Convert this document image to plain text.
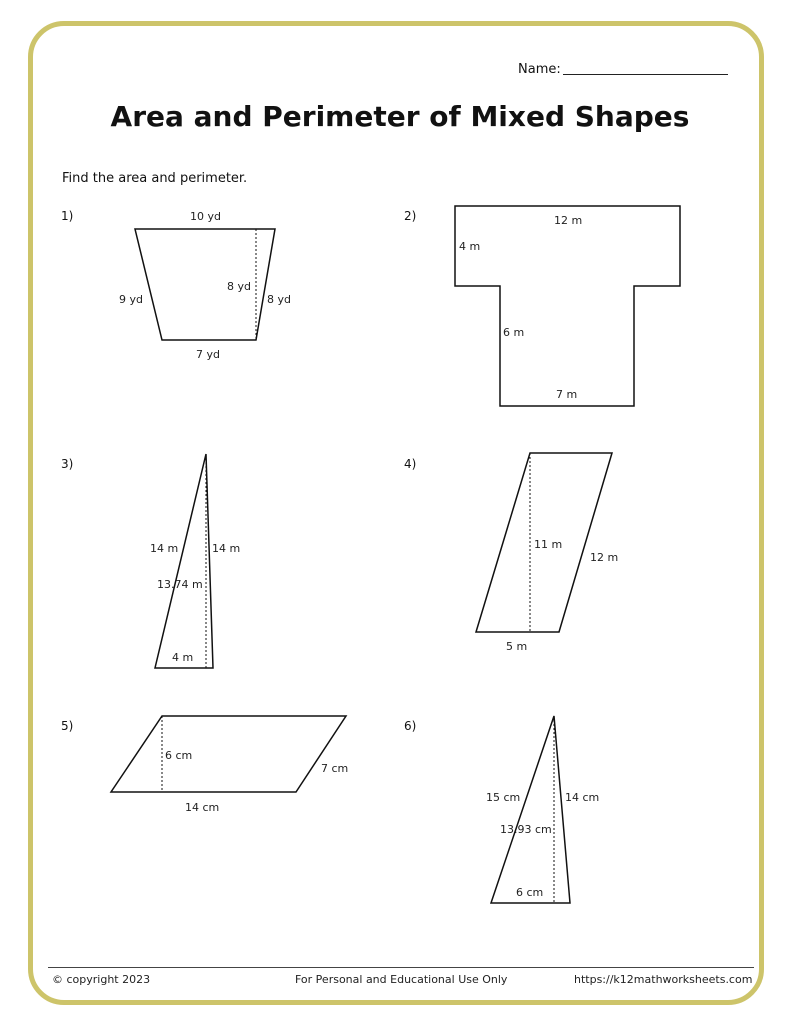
Name:
Area and Perimeter of Mixed Shapes
Find the area and perimeter.
1)	2)
3)	4)
5)	6)
10 yd
9 yd
8 yd
8 yd
7 yd
12 m
4 m
6 m
7 m
14 m	14 m
13.74 m
4 m
11 m
12 m
5 m
6 cm
7 cm
14 cm
15 cm	14 cm
13.93 cm
6 cm
© copyright 2023	For Personal and Educational Use Only	https://k12mathworksheets.com
